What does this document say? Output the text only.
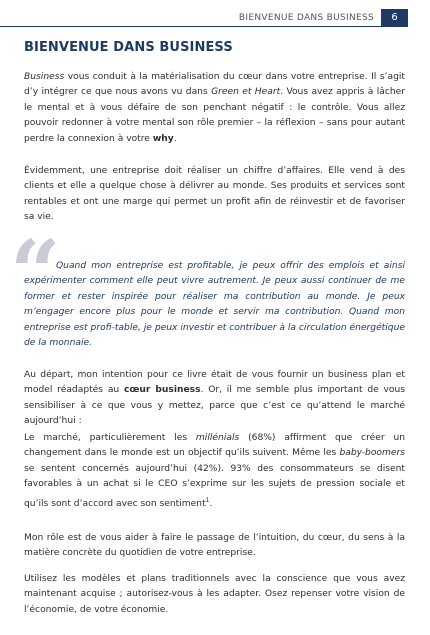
BIENVENUE DANS BUSINESS	6
BIENVENUE DANS BUSINESS

Business vous conduit à la matérialisation du cœur dans votre entreprise. Il s’agit d’y intégrer ce que nous avons vu dans Green et Heart. Vous avez appris à lâcher le mental et à vous défaire de son penchant négatif : le contrôle. Vous allez pouvoir redonner à votre mental son rôle premier – la réflexion – sans pour autant perdre la connexion à votre why.

Évidemment, une entreprise doit réaliser un chiffre d’affaires. Elle vend à des clients et elle a quelque chose à délivrer au monde. Ses produits et services sont rentables et ont une marge qui permet un profit afin de réinvestir et de favoriser sa vie.

“

Quand mon entreprise est profitable, je peux offrir des emplois et ainsi expérimenter comment elle peut vivre autrement. Je peux aussi continuer de me former et rester inspirée pour réaliser ma contribution au monde. Je peux m’engager encore plus pour le monde et servir ma contribution. Quand mon entreprise est profi-table, je peux investir et contribuer à la circulation énergétique de la monnaie.

Au départ, mon intention pour ce livre était de vous fournir un business plan et model réadaptés au cœur business. Or, il me semble plus important de vous sensibiliser à ce que vous y mettez, parce que c’est ce qu’attend le marché aujourd’hui :

Le marché, particulièrement les millénials (68%) affirment que créer un changement dans le monde est un objectif qu’ils suivent. Même les baby-boomers se sentent concernés aujourd’hui (42%). 93% des consommateurs se disent favorables à un achat si le CEO s’exprime sur les sujets de pression sociale et qu’ils sont d’accord avec son sentiment$^1$.

Mon rôle est de vous aider à faire le passage de l’intuition, du cœur, du sens à la matière concrète du quotidien de votre entreprise.

Utilisez les modèles et plans traditionnels avec la conscience que vous avez maintenant acquise ; autorisez-vous à les adapter. Osez repenser votre vision de l’économie, de votre économie.
